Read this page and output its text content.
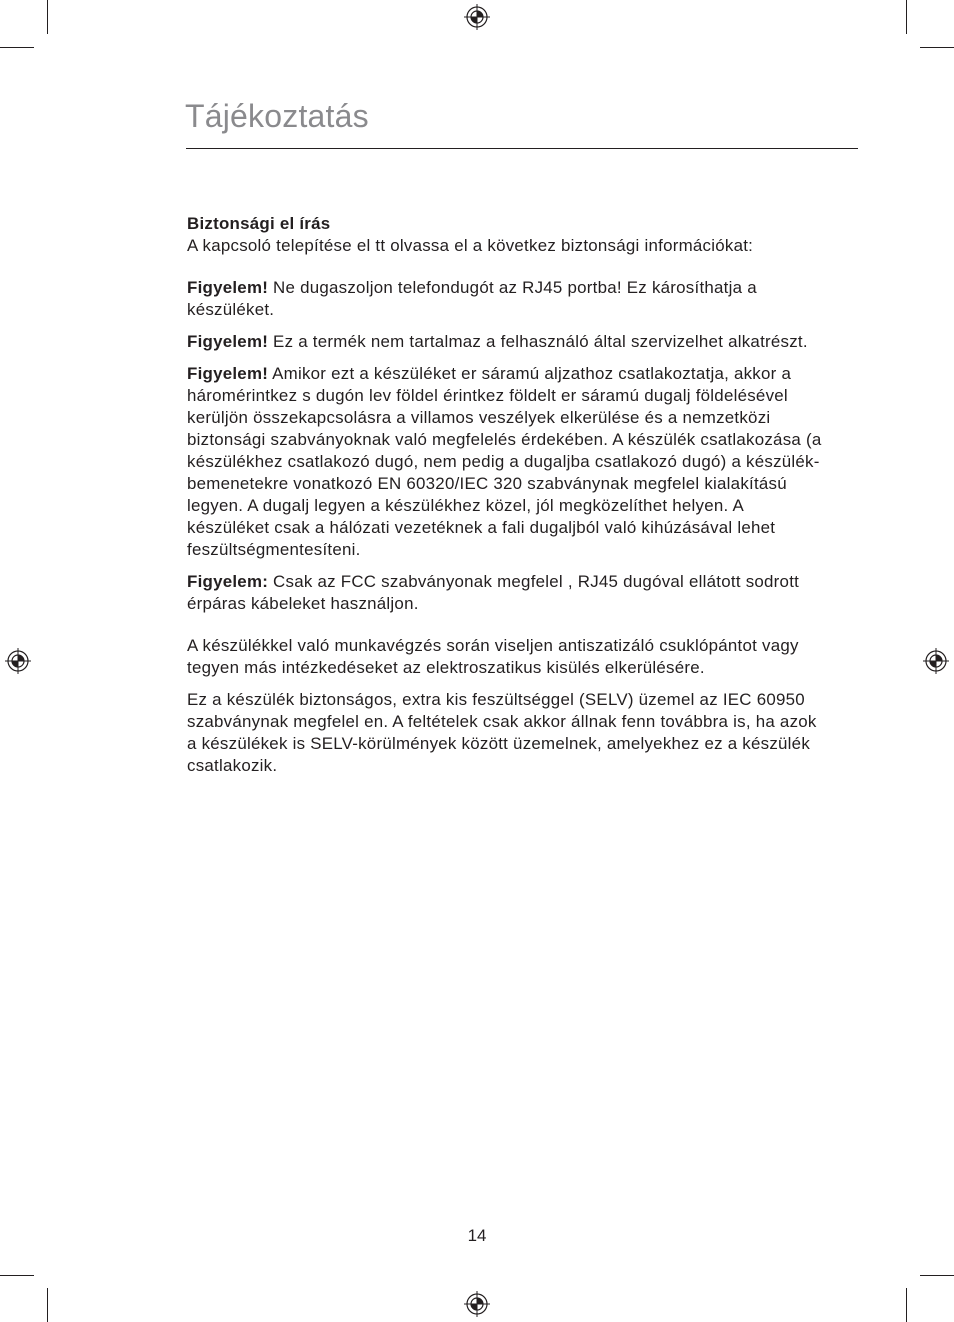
Tájékoztatás

Biztonsági el írás

A kapcsoló telepítése el tt olvassa el a következ biztonsági információkat:

Figyelem! Ne dugaszoljon telefondugót az RJ45 portba! Ez károsíthatja a készüléket.

Figyelem! Ez a termék nem tartalmaz a felhasználó által szervizelhet alkatrészt.

Figyelem! Amikor ezt a készüléket er sáramú aljzathoz csatlakoztatja, akkor a háromérintkez s dugón lev földel érintkez földelt er sáramú dugalj földelésével kerüljön összekapcsolásra a villamos veszélyek elkerülése és a nemzetközi biztonsági szabványoknak való megfelelés érdekében. A készülék csatlakozása (a készülékhez csatlakozó dugó, nem pedig a dugaljba csatlakozó dugó) a készülék-bemenetekre vonatkozó EN 60320/IEC 320 szabványnak megfelel kialakítású legyen. A dugalj legyen a készülékhez közel, jól megközelíthet helyen. A készüléket csak a hálózati vezetéknek a fali dugaljból való kihúzásával lehet feszültségmentesíteni.

Figyelem: Csak az FCC szabványonak megfelel , RJ45 dugóval ellátott sodrott érpáras kábeleket használjon.

A készülékkel való munkavégzés során viseljen antiszatizáló csuklópántot vagy tegyen más intézkedéseket az elektroszatikus kisülés elkerülésére.

Ez a készülék biztonságos, extra kis feszültséggel (SELV) üzemel az IEC 60950 szabványnak megfelel en. A feltételek csak akkor állnak fenn továbbra is, ha azok a készülékek is SELV-körülmények között üzemelnek, amelyekhez ez a készülék csatlakozik.

14
